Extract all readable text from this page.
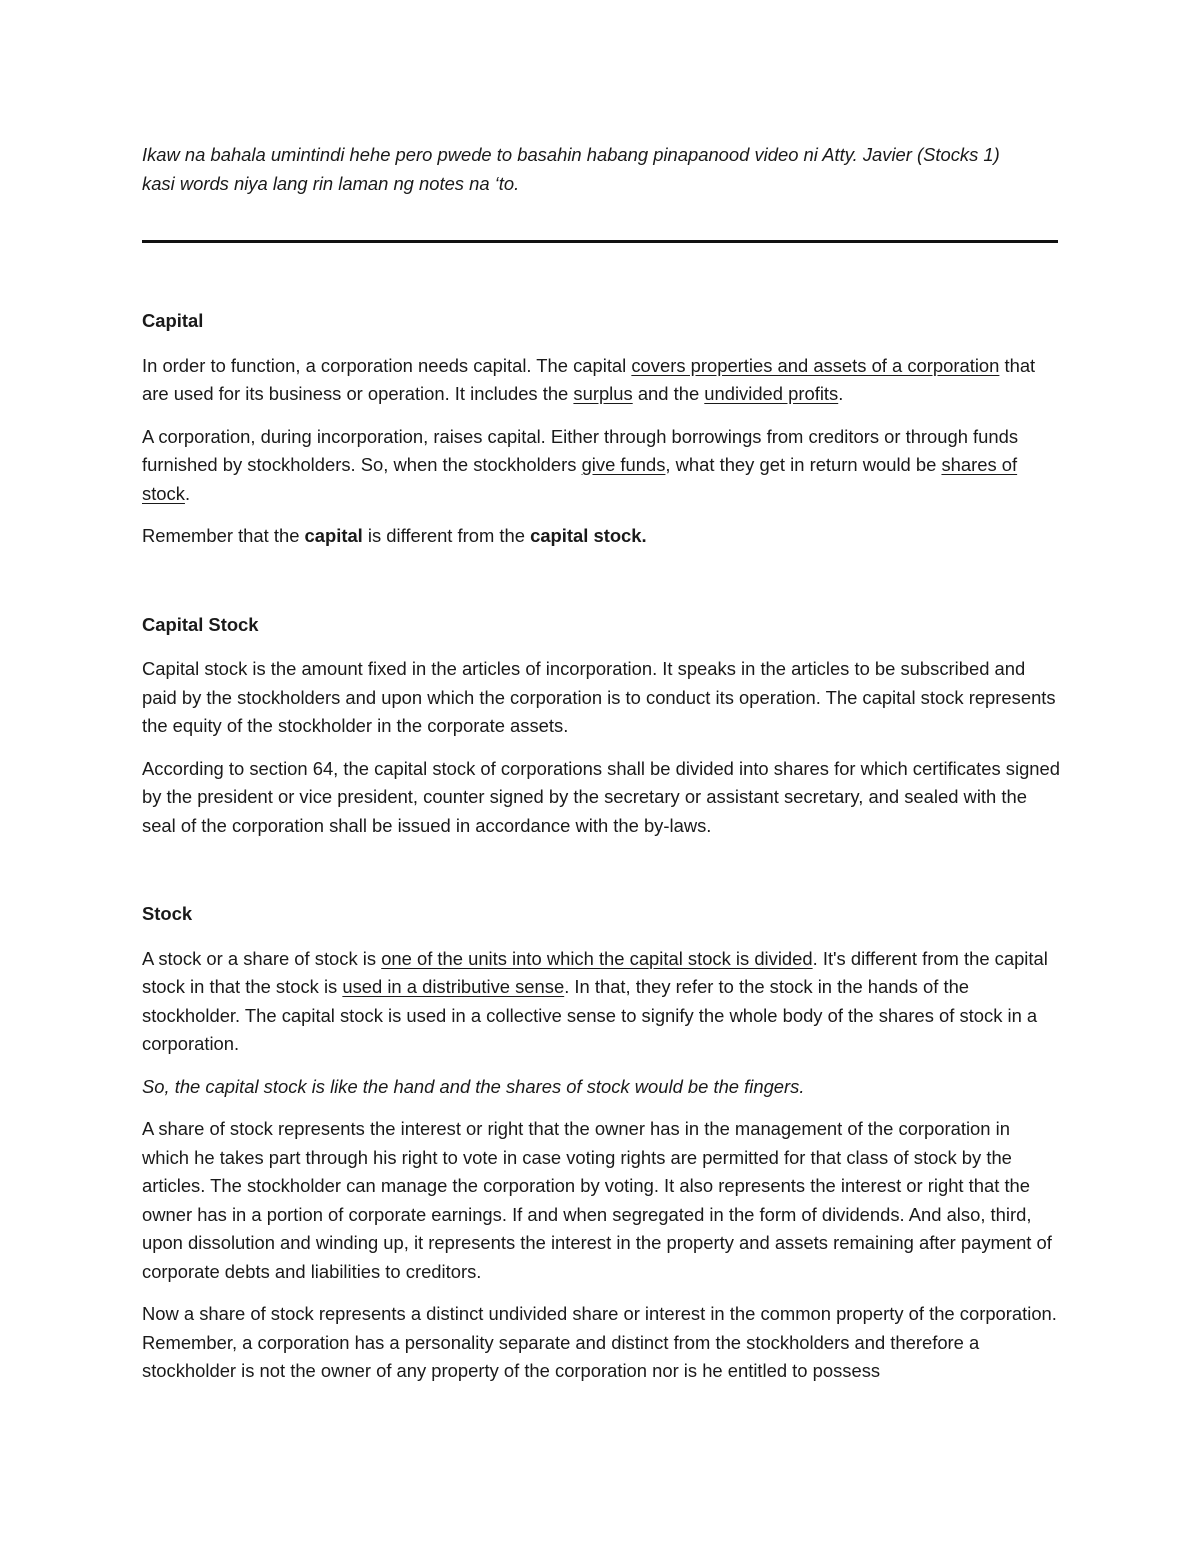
Ikaw na bahala umintindi hehe pero pwede to basahin habang pinapanood video ni Atty. Javier (Stocks 1)
kasi words niya lang rin laman ng notes na ‘to.

Capital

In order to function, a corporation needs capital. The capital covers properties and assets of a corporation that are used for its business or operation. It includes the surplus and the undivided profits.

A corporation, during incorporation, raises capital. Either through borrowings from creditors or through funds furnished by stockholders. So, when the stockholders give funds, what they get in return would be shares of stock.

Remember that the capital is different from the capital stock.

Capital Stock

Capital stock is the amount fixed in the articles of incorporation. It speaks in the articles to be subscribed and paid by the stockholders and upon which the corporation is to conduct its operation. The capital stock represents the equity of the stockholder in the corporate assets.

According to section 64, the capital stock of corporations shall be divided into shares for which certificates signed by the president or vice president, counter signed by the secretary or assistant secretary, and sealed with the seal of the corporation shall be issued in accordance with the by-laws.

Stock

A stock or a share of stock is one of the units into which the capital stock is divided. It's different from the capital stock in that the stock is used in a distributive sense. In that, they refer to the stock in the hands of the stockholder. The capital stock is used in a collective sense to signify the whole body of the shares of stock in a corporation.

So, the capital stock is like the hand and the shares of stock would be the fingers.

A share of stock represents the interest or right that the owner has in the management of the corporation in which he takes part through his right to vote in case voting rights are permitted for that class of stock by the articles. The stockholder can manage the corporation by voting. It also represents the interest or right that the owner has in a portion of corporate earnings. If and when segregated in the form of dividends. And also, third, upon dissolution and winding up, it represents the interest in the property and assets remaining after payment of corporate debts and liabilities to creditors.

Now a share of stock represents a distinct undivided share or interest in the common property of the corporation. Remember, a corporation has a personality separate and distinct from the stockholders and therefore a stockholder is not the owner of any property of the corporation nor is he entitled to possess
